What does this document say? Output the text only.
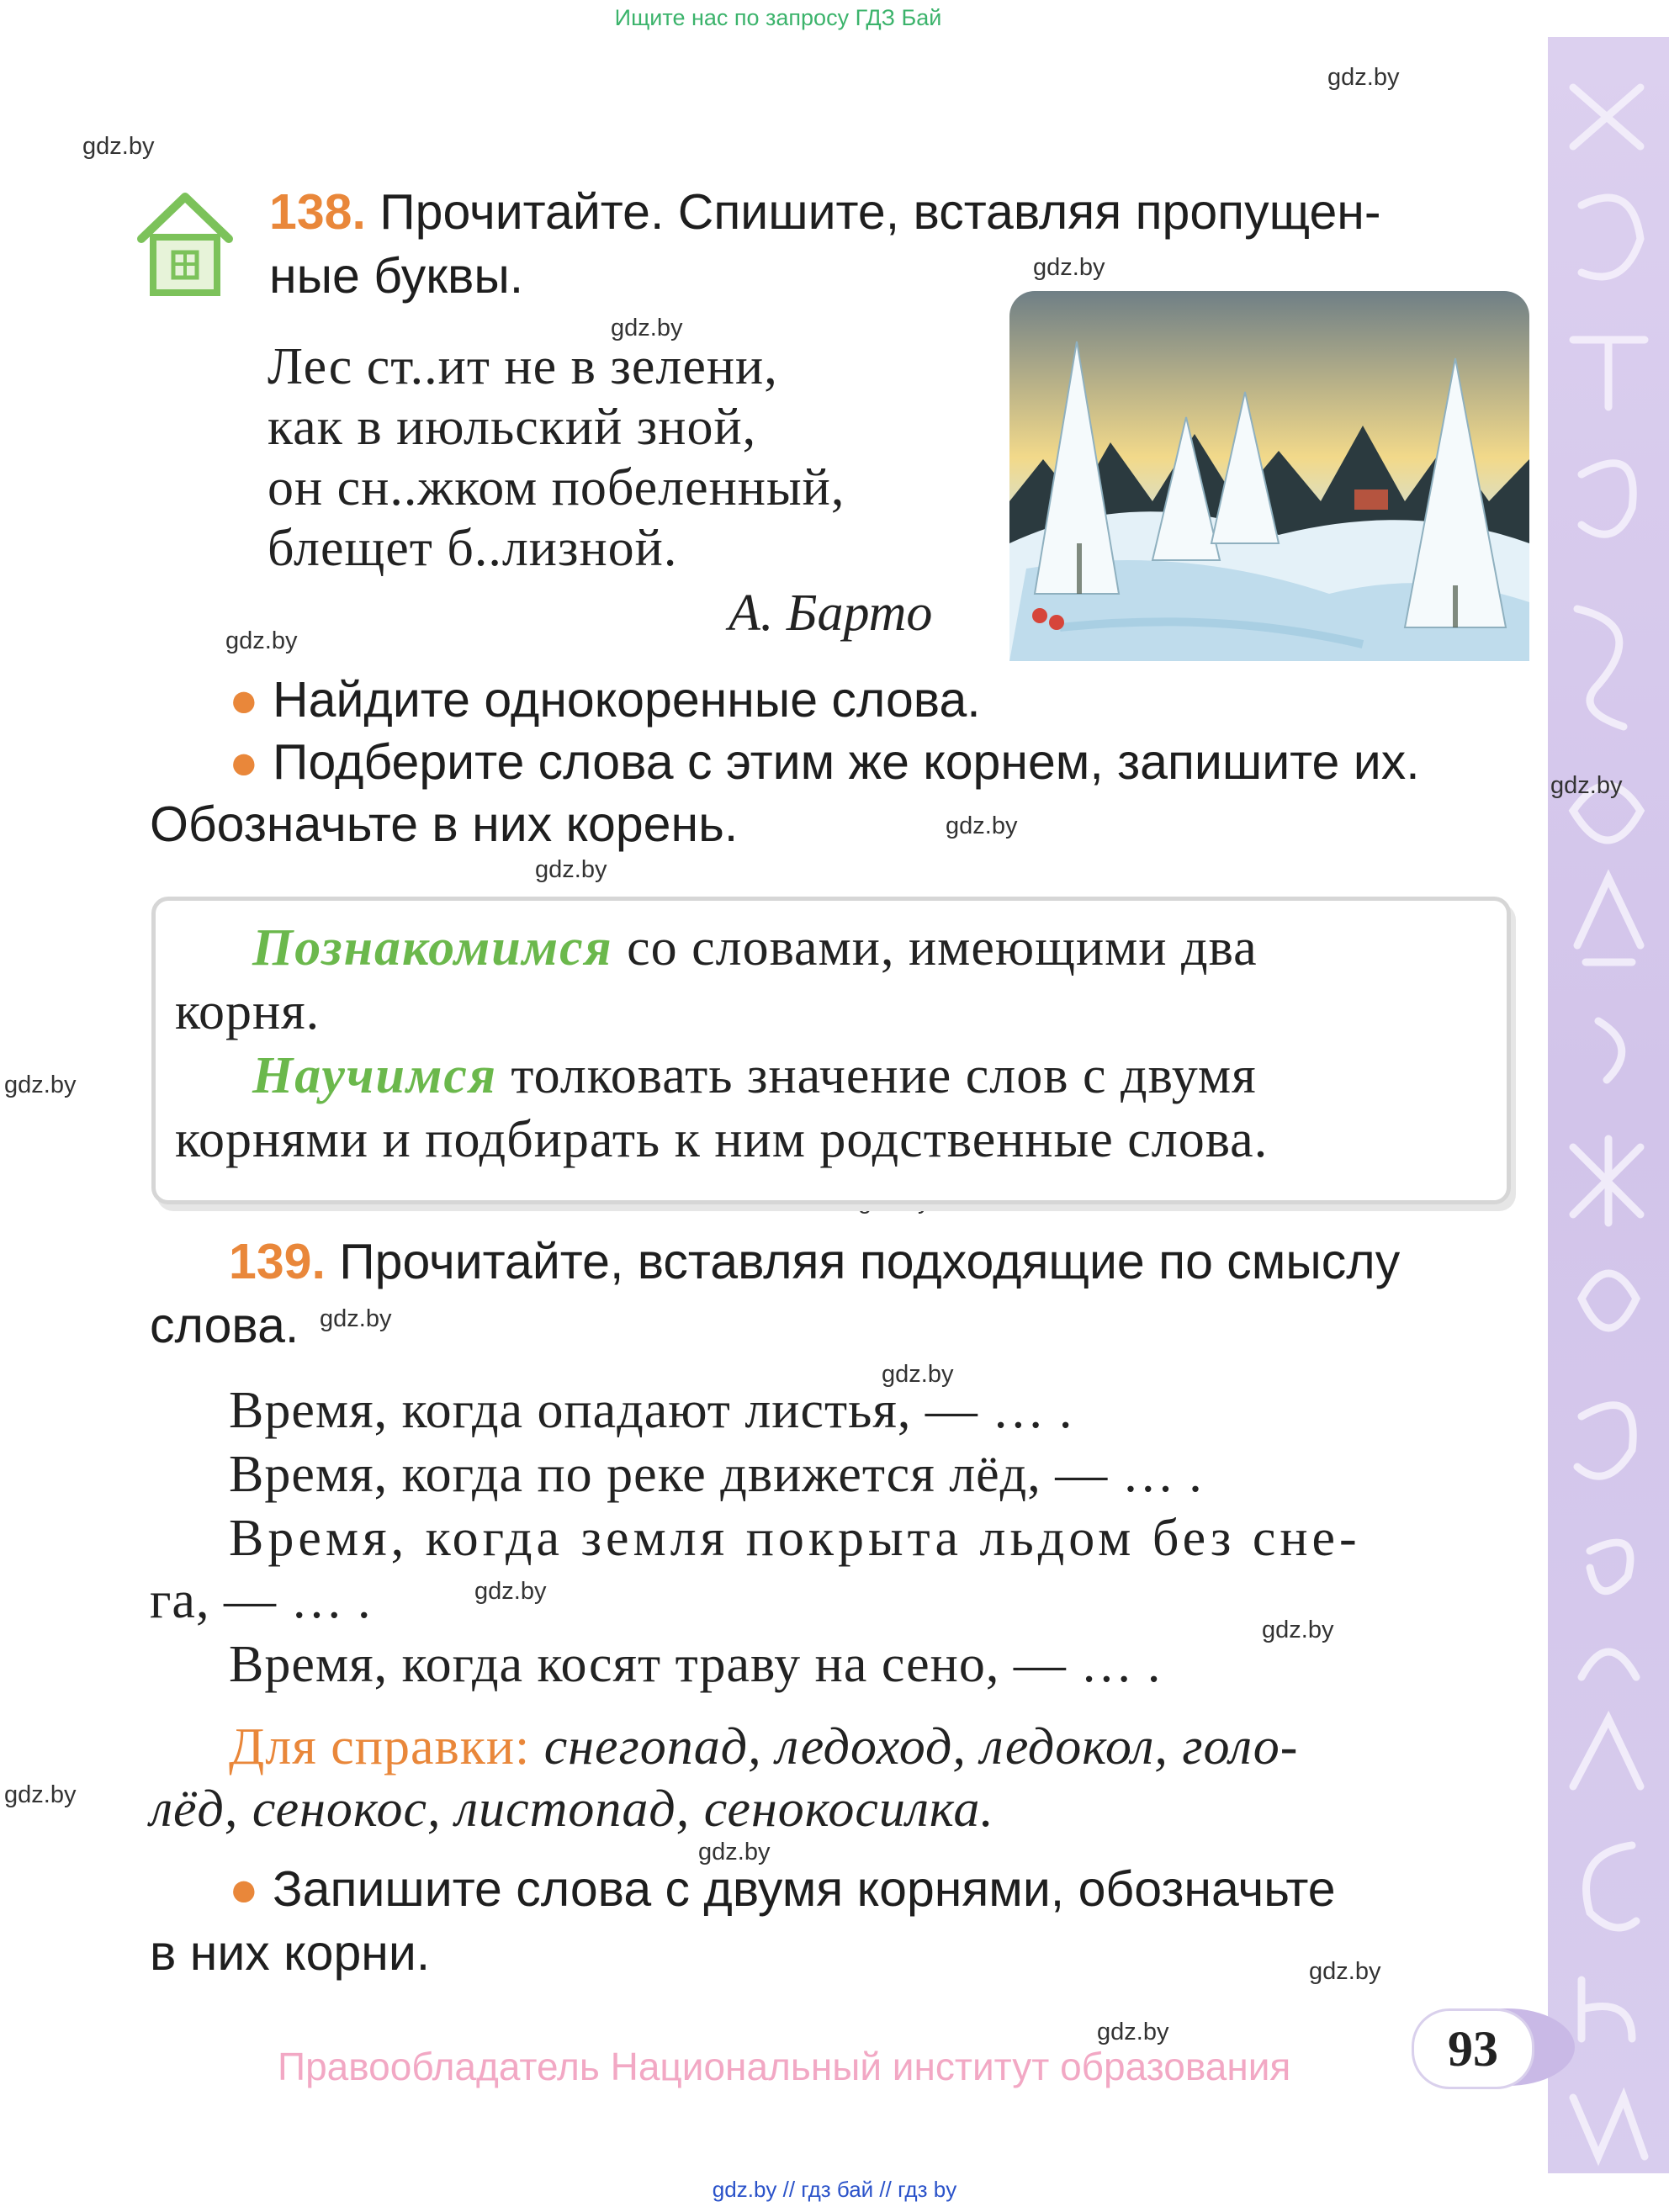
Ищите нас по запросу ГДЗ Бай
gdz.by
gdz.by
gdz.by
gdz.by
gdz.by
gdz.by
gdz.by
gdz.by
gdz.by
gdz.by
gdz.by
gdz.by
gdz.by
gdz.by
gdz.by
gdz.by
gdz.by
138. Прочитайте. Спишите, вставляя пропущен-
ные буквы.
Лес ст..ит не в зелени,
как в июльский зной,
он сн..жком побеленный,
блещет б..лизной.
А. Барто
● Найдите однокоренные слова.
● Подберите слова с этим же корнем, запишите их.
Обозначьте в них корень.
Познакомимся со словами, имеющими два
корня.
Научимся толковать значение слов с двумя
корнями и подбирать к ним родственные слова.
139. Прочитайте, вставляя подходящие по смыслу
слова.
Время, когда опадают листья, — … .
Время, когда по реке движется лёд, — … .
Время, когда земля покрыта льдом без сне-
га, — … .
Время, когда косят траву на сено, — … .
Для справки: снегопад, ледоход, ледокол, голо-
лёд, сенокос, листопад, сенокосилка.
● Запишите слова с двумя корнями, обозначьте
в них корни.
93
Правообладатель Национальный институт образования
gdz.by // гдз бай // гдз by
